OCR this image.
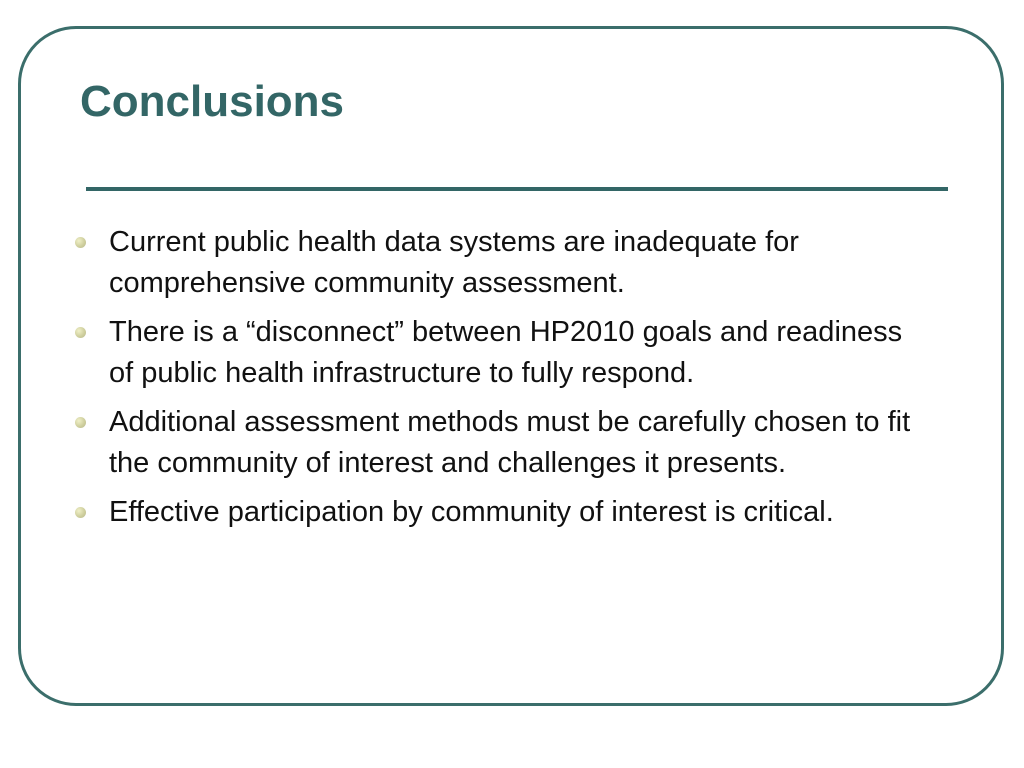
Conclusions
Current public health data systems are inadequate for comprehensive community assessment.
There is a “disconnect” between HP2010 goals and readiness of public health infrastructure to fully respond.
Additional assessment methods must be carefully chosen to fit the community of interest and challenges it presents.
Effective participation by community of interest is critical.
